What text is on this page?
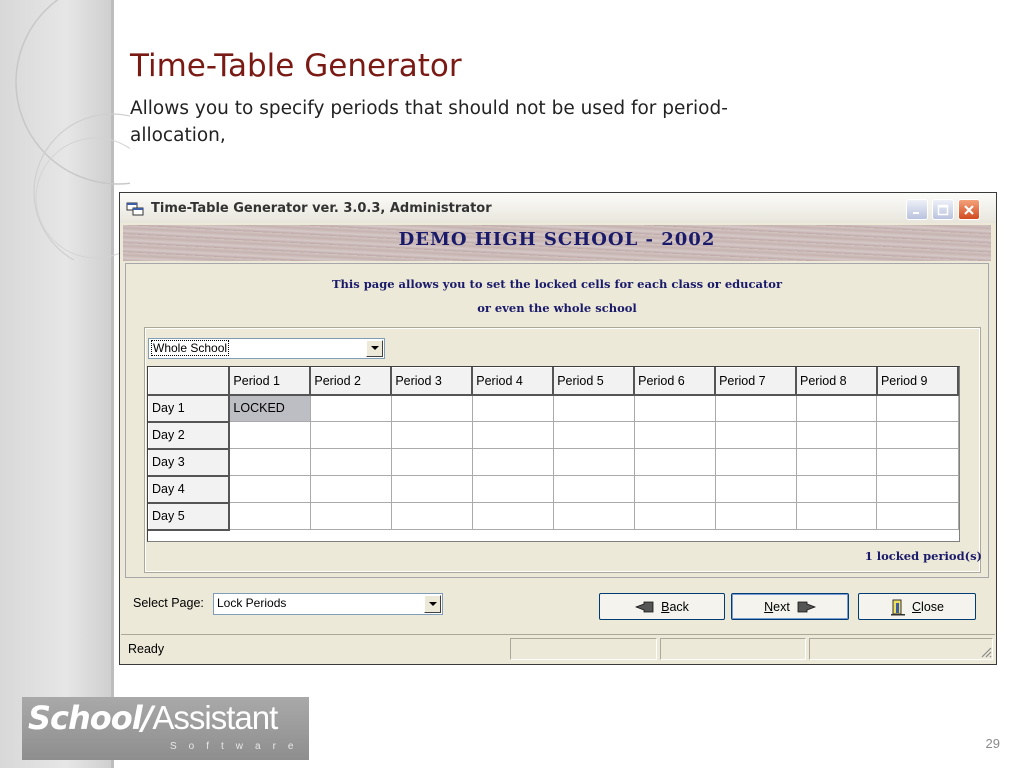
Time-Table Generator
Allows you to specify periods that should not be used for period-allocation,
29
School/Assistant
Software
Time-Table Generator ver. 3.0.3, Administrator
DEMO HIGH SCHOOL - 2002
This page allows you to set the locked cells for each class or educator
or even the whole school
Whole School
	Period 1	Period 2	Period 3	Period 4	Period 5	Period 6	Period 7	Period 8	Period 9
Day 1	LOCKED								
Day 2									
Day 3									
Day 4									
Day 5									
1 locked period(s)
Select Page: Lock Periods	Back	Next	Close
Ready
